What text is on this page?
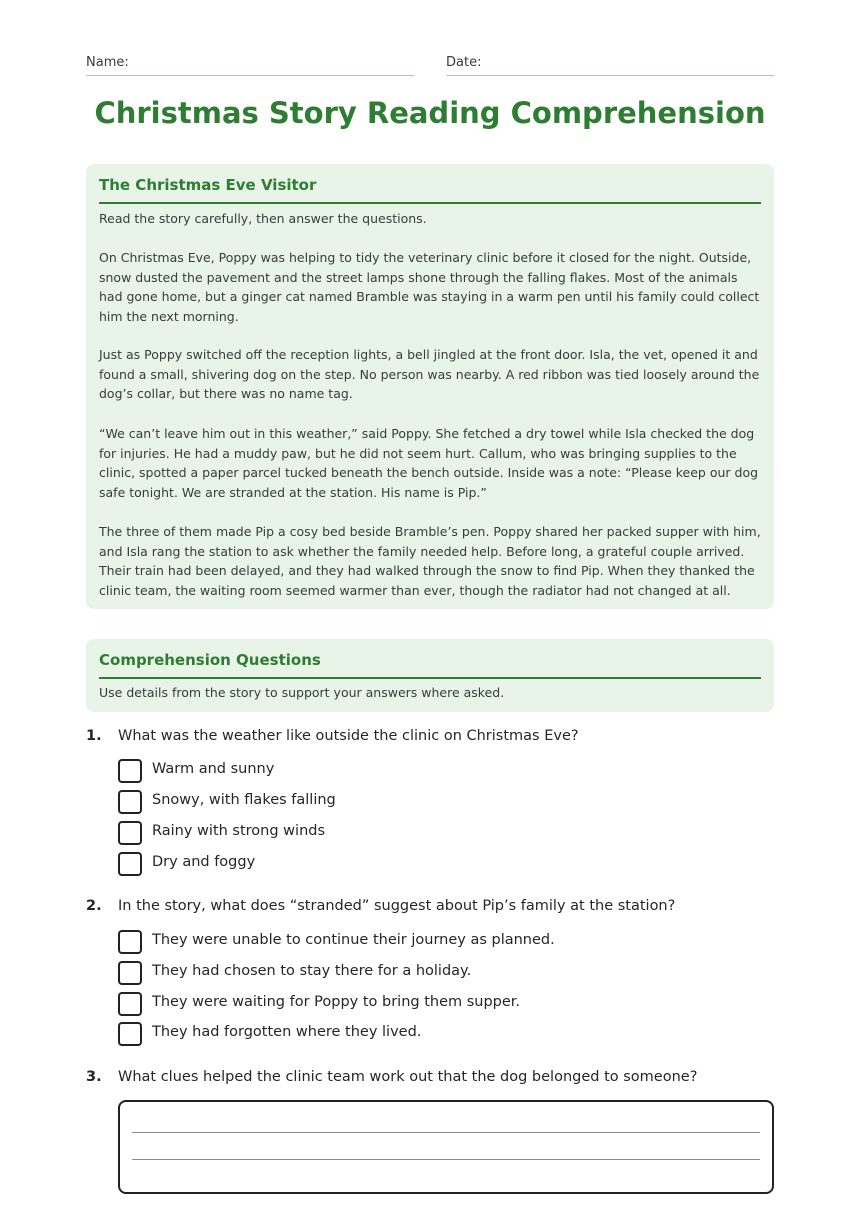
Name:	Date:
Christmas Story Reading Comprehension
The Christmas Eve Visitor
Read the story carefully, then answer the questions.
On Christmas Eve, Poppy was helping to tidy the veterinary clinic before it closed for the night. Outside, snow dusted the pavement and the street lamps shone through the falling flakes. Most of the animals had gone home, but a ginger cat named Bramble was staying in a warm pen until his family could collect him the next morning.
Just as Poppy switched off the reception lights, a bell jingled at the front door. Isla, the vet, opened it and found a small, shivering dog on the step. No person was nearby. A red ribbon was tied loosely around the dog’s collar, but there was no name tag.
“We can’t leave him out in this weather,” said Poppy. She fetched a dry towel while Isla checked the dog for injuries. He had a muddy paw, but he did not seem hurt. Callum, who was bringing supplies to the clinic, spotted a paper parcel tucked beneath the bench outside. Inside was a note: “Please keep our dog safe tonight. We are stranded at the station. His name is Pip.”
The three of them made Pip a cosy bed beside Bramble’s pen. Poppy shared her packed supper with him, and Isla rang the station to ask whether the family needed help. Before long, a grateful couple arrived. Their train had been delayed, and they had walked through the snow to find Pip. When they thanked the clinic team, the waiting room seemed warmer than ever, though the radiator had not changed at all.
Comprehension Questions
Use details from the story to support your answers where asked.
1. What was the weather like outside the clinic on Christmas Eve?
Warm and sunny
Snowy, with flakes falling
Rainy with strong winds
Dry and foggy
2. In the story, what does “stranded” suggest about Pip’s family at the station?
They were unable to continue their journey as planned.
They had chosen to stay there for a holiday.
They were waiting for Poppy to bring them supper.
They had forgotten where they lived.
3. What clues helped the clinic team work out that the dog belonged to someone?
